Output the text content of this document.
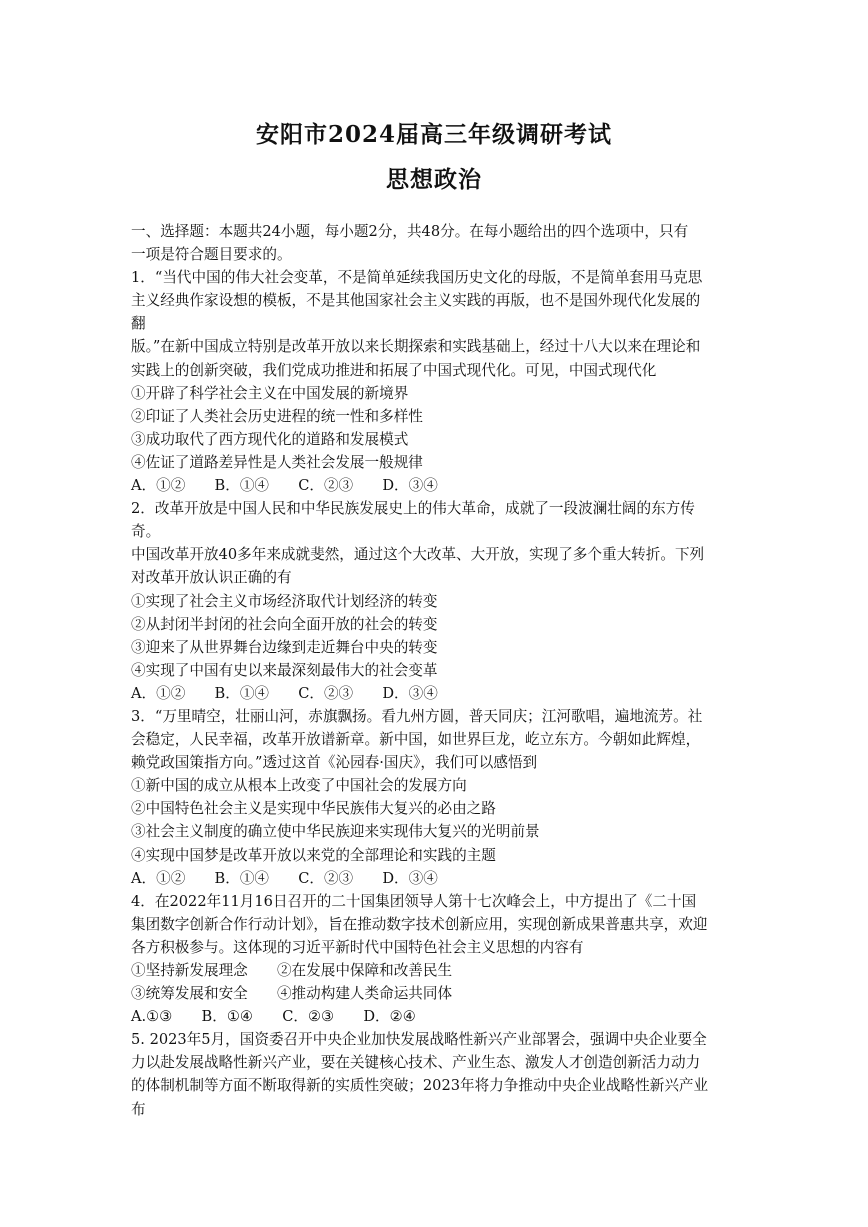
安阳市2024届高三年级调研考试
思想政治
一、选择题：本题共24小题，每小题2分，共48分。在每小题给出的四个选项中，只有
一项是符合题目要求的。
1．“当代中国的伟大社会变革，不是简单延续我国历史文化的母版，不是简单套用马克思
主义经典作家设想的模板，不是其他国家社会主义实践的再版，也不是国外现代化发展的
翻
版。”在新中国成立特别是改革开放以来长期探索和实践基础上，经过十八大以来在理论和
实践上的创新突破，我们党成功推进和拓展了中国式现代化。可见，中国式现代化
①开辟了科学社会主义在中国发展的新境界
②印证了人类社会历史进程的统一性和多样性
③成功取代了西方现代化的道路和发展模式
④佐证了道路差异性是人类社会发展一般规律
A．①②　　B．①④　　C．②③　　D．③④
2．改革开放是中国人民和中华民族发展史上的伟大革命，成就了一段波澜壮阔的东方传
奇。
中国改革开放40多年来成就斐然，通过这个大改革、大开放，实现了多个重大转折。下列
对改革开放认识正确的有
①实现了社会主义市场经济取代计划经济的转变
②从封闭半封闭的社会向全面开放的社会的转变
③迎来了从世界舞台边缘到走近舞台中央的转变
④实现了中国有史以来最深刻最伟大的社会变革
A．①②　　B．①④　　C．②③　　D．③④
3．“万里晴空，壮丽山河，赤旗飘扬。看九州方圆，普天同庆；江河歌唱，遍地流芳。社
会稳定，人民幸福，改革开放谱新章。新中国，如世界巨龙，屹立东方。今朝如此辉煌，
赖党政国策指方向。”透过这首《沁园春·国庆》，我们可以感悟到
①新中国的成立从根本上改变了中国社会的发展方向
②中国特色社会主义是实现中华民族伟大复兴的必由之路
③社会主义制度的确立使中华民族迎来实现伟大复兴的光明前景
④实现中国梦是改革开放以来党的全部理论和实践的主题
A．①②　　B．①④　　C．②③　　D．③④
4．在2022年11月16日召开的二十国集团领导人第十七次峰会上，中方提出了《二十国
集团数字创新合作行动计划》，旨在推动数字技术创新应用，实现创新成果普惠共享，欢迎
各方积极参与。这体现的习近平新时代中国特色社会主义思想的内容有
①坚持新发展理念　　②在发展中保障和改善民生
③统筹发展和安全　　④推动构建人类命运共同体
A.①③　　B．①④　　C．②③　　D．②④
5. 2023年5月，国资委召开中央企业加快发展战略性新兴产业部署会，强调中央企业要全
力以赴发展战略性新兴产业，要在关键核心技术、产业生态、激发人才创造创新活力动力
的体制机制等方面不断取得新的实质性突破；2023年将力争推动中央企业战略性新兴产业
布
